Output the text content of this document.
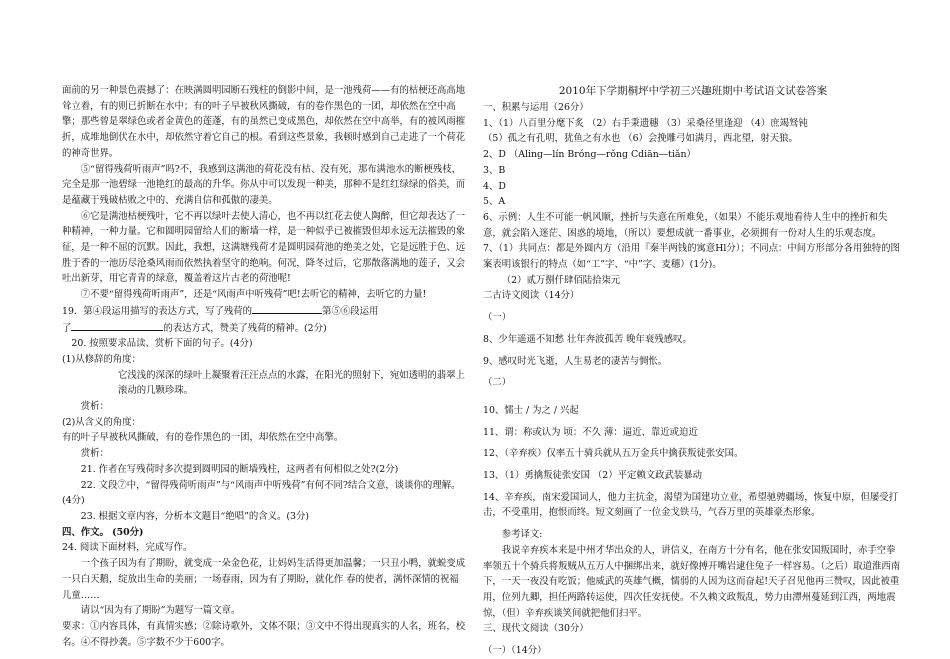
面前的另一种景色震撼了：在映满圆明园断石残柱的倒影中间，是一池残荷——有的枯梗还高高地耸立着，有的则已折断在水中；有的叶子早被秋风撕破，有的卷作黑色的一团，却依然在空中高擎；那些曾是翠绿色或者金黄色的莲蓬，有的虽然已变成黑色，却依然在空中高举，有的被风雨摧折，成堆地倒伏在水中，却依然守着它自己的根。看到这些景象，我顿时感到自己走进了一个荷花的神奇世界。

⑤“留得残荷听雨声”吗?不，我感到这满池的荷花没有枯、没有死，那布满池水的断梗残枝，完全是那一池碧绿一池艳红的最高的升华。你从中可以发现一种美，那种不是红红绿绿的俗美，而是蕴藏于残破枯败之中的、充满自信和孤傲的凄美。

⑥它是满池枯梗残叶，它不再以绿叶去使人清心，也不再以红花去使人陶醉，但它却表达了一种精神，一种力量。它和圆明园留给人们的断墙一样，是一种似乎已被摧毁但却永远无法摧毁的象征，是一种不屈的沉默。因此，我想，这满塘残荷才是圆明园荷池的绝美之处，它是远胜于色、远胜于香的一池历尽沧桑风雨而依然执着坚守的绝响。何况，降冬过后，它那散落满地的莲子，又会吐出新芽，用它青青的绿意，覆盖着这片古老的荷池呢!

⑦不要“留得残荷听雨声”，还是“风雨声中听残荷”吧!去听它的精神，去听它的力量!

19．第④段运用描写的表达方式，写了残荷的	第⑤⑥段运用
了	的表达方式，赞美了残荷的精神。(2分)

20. 按照要求品读、赏析下面的句子。(4分)

(1)从修辞的角度：

它浅浅的深深的绿叶上凝聚着汪汪点点的水露，在阳光的照射下，宛如透明的翡翠上滚动的几颗珍珠。

赏析：

(2)从含义的角度：

有的叶子早被秋风撕破，有的卷作黑色的一团，却依然在空中高擎。

赏析：

21. 作者在写残荷时多次提到圆明园的断墙残柱，这两者有何相似之处?(2分)

22. 文段⑦中，“留得残荷听雨声”与“风雨声中听残荷”有何不同?结合文意，谈谈你的理解。(4分)

23. 根据文章内容，分析本文题目“绝唱”的含义。(3分)

四、作文。 (50分)

24. 阅读下面材料，完成写作。

一个孩子因为有了期盼，就变成一朵金色花，让妈妈生活得更加温馨；一只丑小鸭，就蜕变成一只白天鹅，绽放出生命的美丽；一场春雨，因为有了期盼，就化作 春的使者，满怀深情的祝福儿童……

请以“因为有了期盼”为题写一篇文章。

要求：①内容具体，有真情实感；②除诗歌外，文体不限；③文中不得出现真实的人名，班名，校名。④不得抄袭。⑤字数不少于600字。

2010年下学期桐坪中学初三兴趣班期中考试语文试卷答案

一、积累与运用（26分）

1、（1）八百里分麾下炙 （2）右手秉遗穗 （3）采桑径里逢迎 （4）庶竭驽钝

（5）孤之有孔明，犹鱼之有水也 （6）会挽雕弓如满月，西北望，射天狼。

2、D （Aling—lín Bróng—rǒng Cdiān—tiǎn）

3、B

4、D

5、A

6、示例：人生不可能一帆风顺，挫折与失意在所难免，（如果）不能乐观地看待人生中的挫折和失意，就会陷入迷茫、困惑的境地，（所以）要想成就一番事业，必须拥有一份对人生的乐观态度。

7、（1）共同点：都是外圆内方（沿用『秦半两钱的寓意Hl分）；不同点：中间方形部分各用独特的图案表明该银行的特点（如“工”字、“中”字、麦穗）(1分)。

（2）贰万捌仟肆佰陆拾柒元

二古诗文阅读（14分）

（一）

8、少年遥遥不知愁 壮年奔波孤苦 晚年衰残感叹。

9、感叹时光飞逝，人生易老的凄苦与惆怅。

（二）

10、懦士 / 为之 / 兴起

11、谓：称或认为 顷：不久 薄：逼近、靠近或迫近

12、（辛弃疾）仅率五十骑兵就从五万金兵中擒获叛徒张安国。

13、（1）勇擒叛徒张安国 （2）平定赖文政武装暴动

14、辛弃疾，南宋爱国词人，他力主抗金，渴望为国建功立业，希望驰骋疆场，恢复中原，但屡受打击，不受重用，抱恨而终。短文刻画了一位金戈铁马，气吞万里的英雄豪杰形象。

参考译文:

我说辛弃疾本来是中州才华出众的人，讲信义，在南方十分有名，他在张安国叛国时，赤手空拳率领五十个骑兵将叛贼从五万人中捆绑出来，就好像搏开嘴岩逮住兔子一样容易。（之后）取道淮西南下，一天一夜没有吃饭；他威武的英雄气概，懦弱的人因为这而奋起!天子召见他再三赞叹，因此被重用，位列九卿，担任两路转运使，四次任安抚使。不久赖文政叛乱，势力由潭州蔓延到江西，两地震惊，（但）辛弃疾谈笑间就把他们扫平。

三、现代文阅读（30分）

（一）（14分）
